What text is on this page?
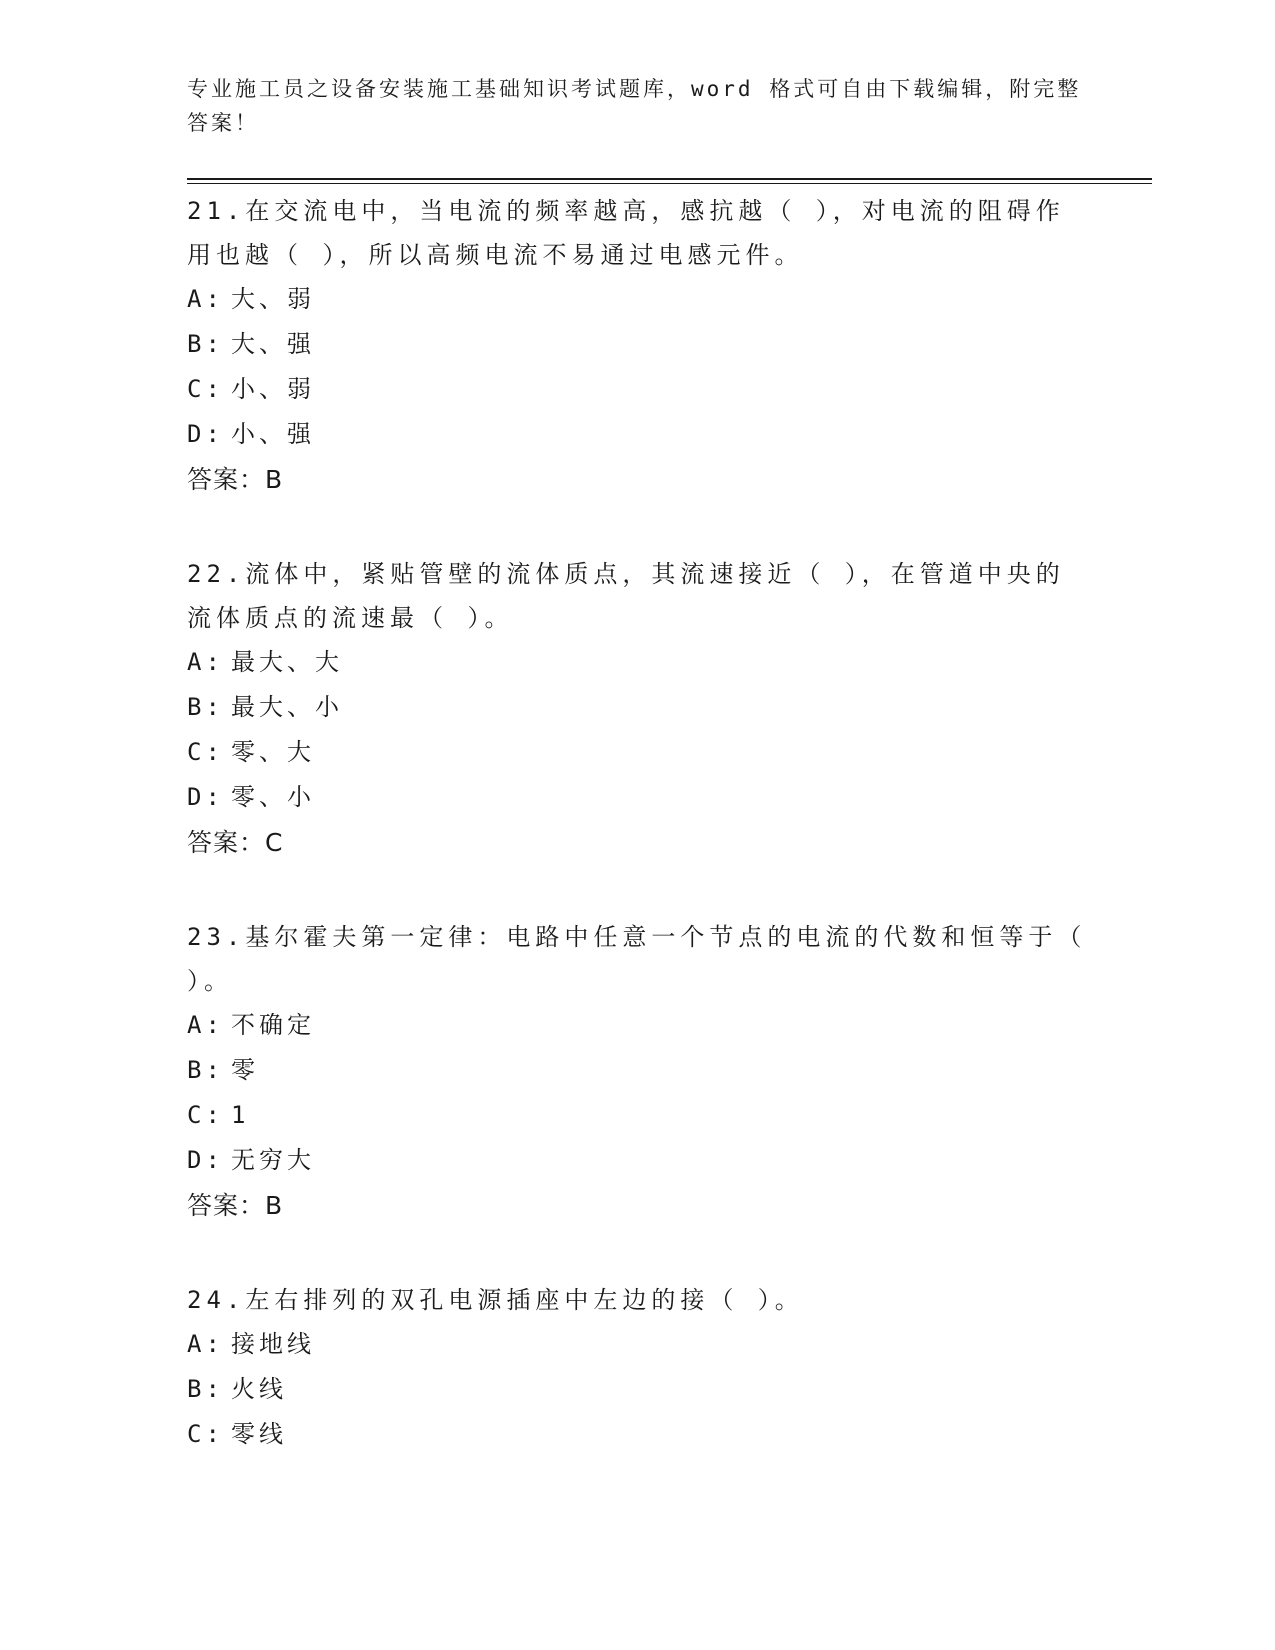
专业施工员之设备安装施工基础知识考试题库，word 格式可自由下载编辑，附完整答案！

21.在交流电中，当电流的频率越高，感抗越（ ），对电流的阻碍作用也越（ ），所以高频电流不易通过电感元件。

A: 大、弱
B: 大、强
C: 小、弱
D: 小、强
答案：B

22.流体中，紧贴管壁的流体质点，其流速接近（ ），在管道中央的流体质点的流速最（ ）。

A: 最大、大
B: 最大、小
C: 零、大
D: 零、小
答案：C

23.基尔霍夫第一定律：电路中任意一个节点的电流的代数和恒等于（ ）。

A: 不确定
B: 零
C: 1
D: 无穷大
答案：B

24.左右排列的双孔电源插座中左边的接（ ）。

A: 接地线
B: 火线
C: 零线
